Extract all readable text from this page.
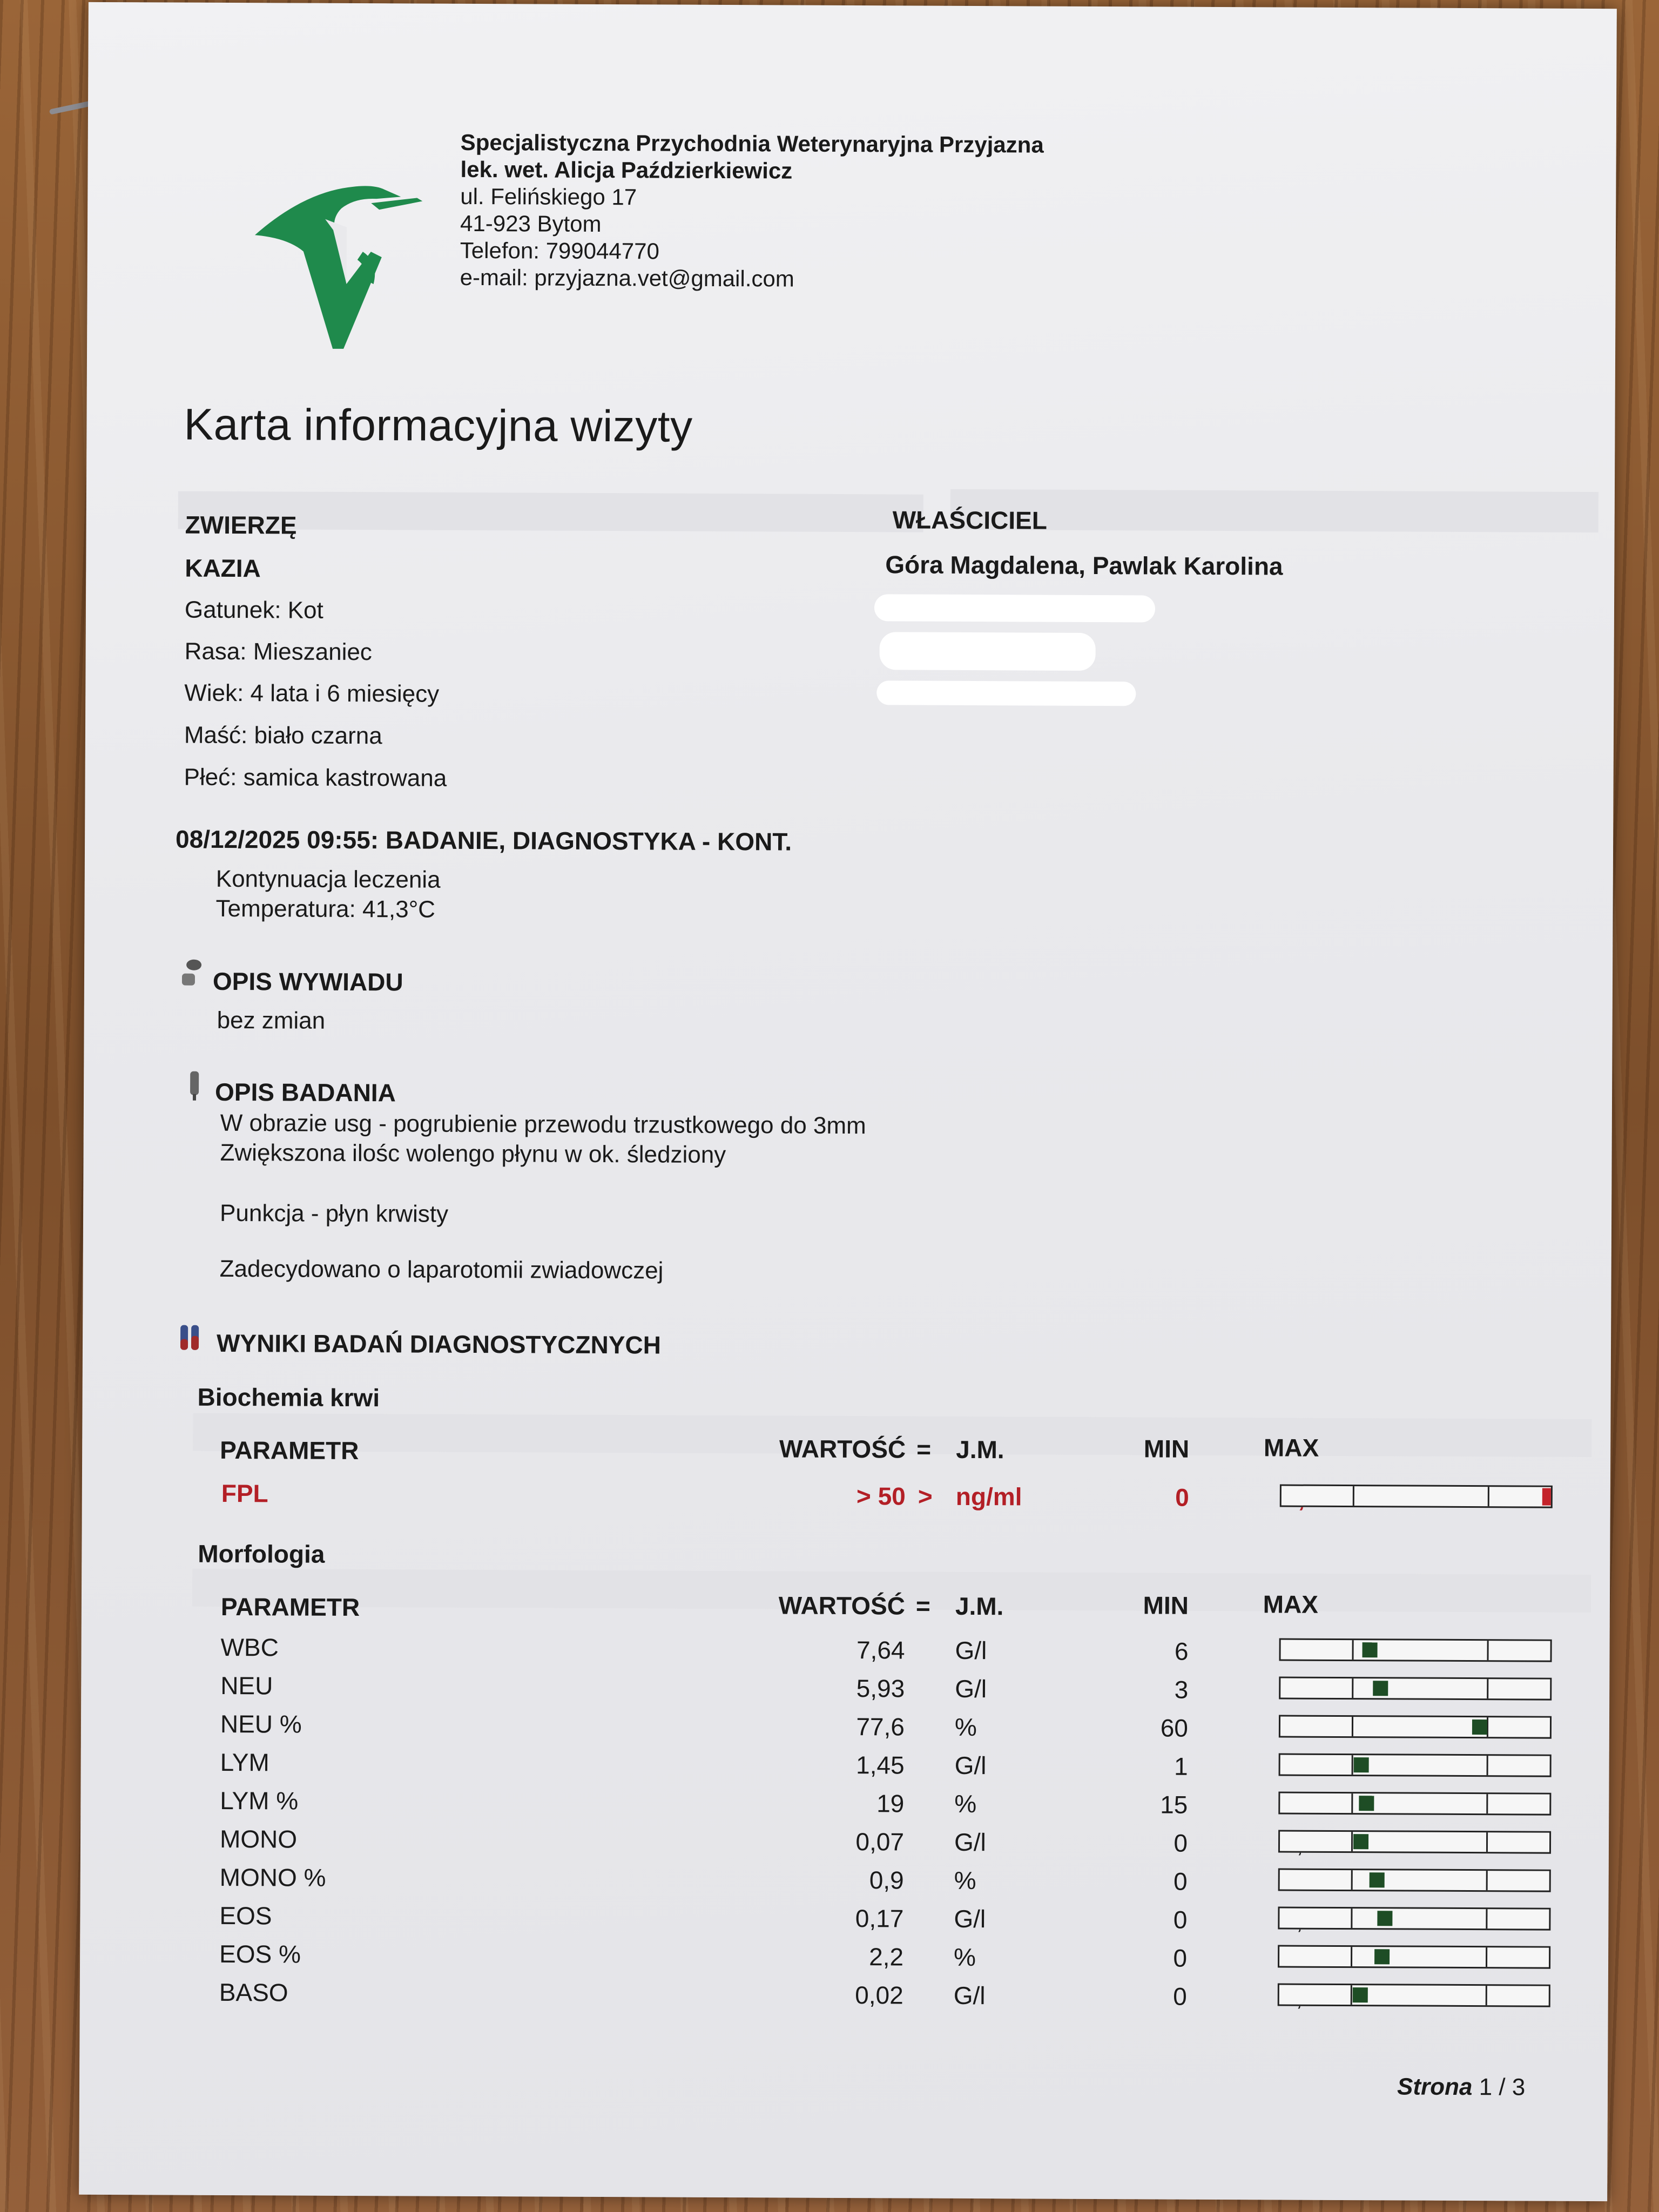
Specjalistyczna Przychodnia Weterynaryjna Przyjazna
lek. wet. Alicja Paździerkiewicz
ul. Felińskiego 17
41-923 Bytom
Telefon: 799044770
e-mail: przyjazna.vet@gmail.com
Karta informacyjna wizyty
ZWIERZĘ
KAZIA
Gatunek: Kot
Rasa: Mieszaniec
Wiek: 4 lata i 6 miesięcy
Maść: biało czarna
Płeć: samica kastrowana
WŁAŚCICIEL
Góra Magdalena, Pawlak Karolina
08/12/2025 09:55: BADANIE, DIAGNOSTYKA - KONT.
Kontynuacja leczenia
Temperatura: 41,3°C
OPIS WYWIADU
bez zmian
OPIS BADANIA
W obrazie usg - pogrubienie przewodu trzustkowego do 3mm
Zwiększona ilośc wolengo płynu w ok. śledziony
Punkcja - płyn krwisty
Zadecydowano o laparotomii zwiadowczej
WYNIKI BADAŃ DIAGNOSTYCZNYCH
Biochemia krwi
PARAMETR	WARTOŚĆ = J.M.	MIN	MAX
FPL	> 50 > ng/ml	0
Morfologia
PARAMETR	WARTOŚĆ = J.M.	MIN	MAX
WBC	7,64 G/l	6
NEU	5,93 G/l	3
NEU %	77,6 %	60
LYM	1,45 G/l	1
LYM %	19 %	15
MONO	0,07 G/l	0
MONO %	0,9 %	0
EOS	0,17 G/l	0
EOS %	2,2 %	0
BASO	0,02 G/l	0
Strona 1 / 3
